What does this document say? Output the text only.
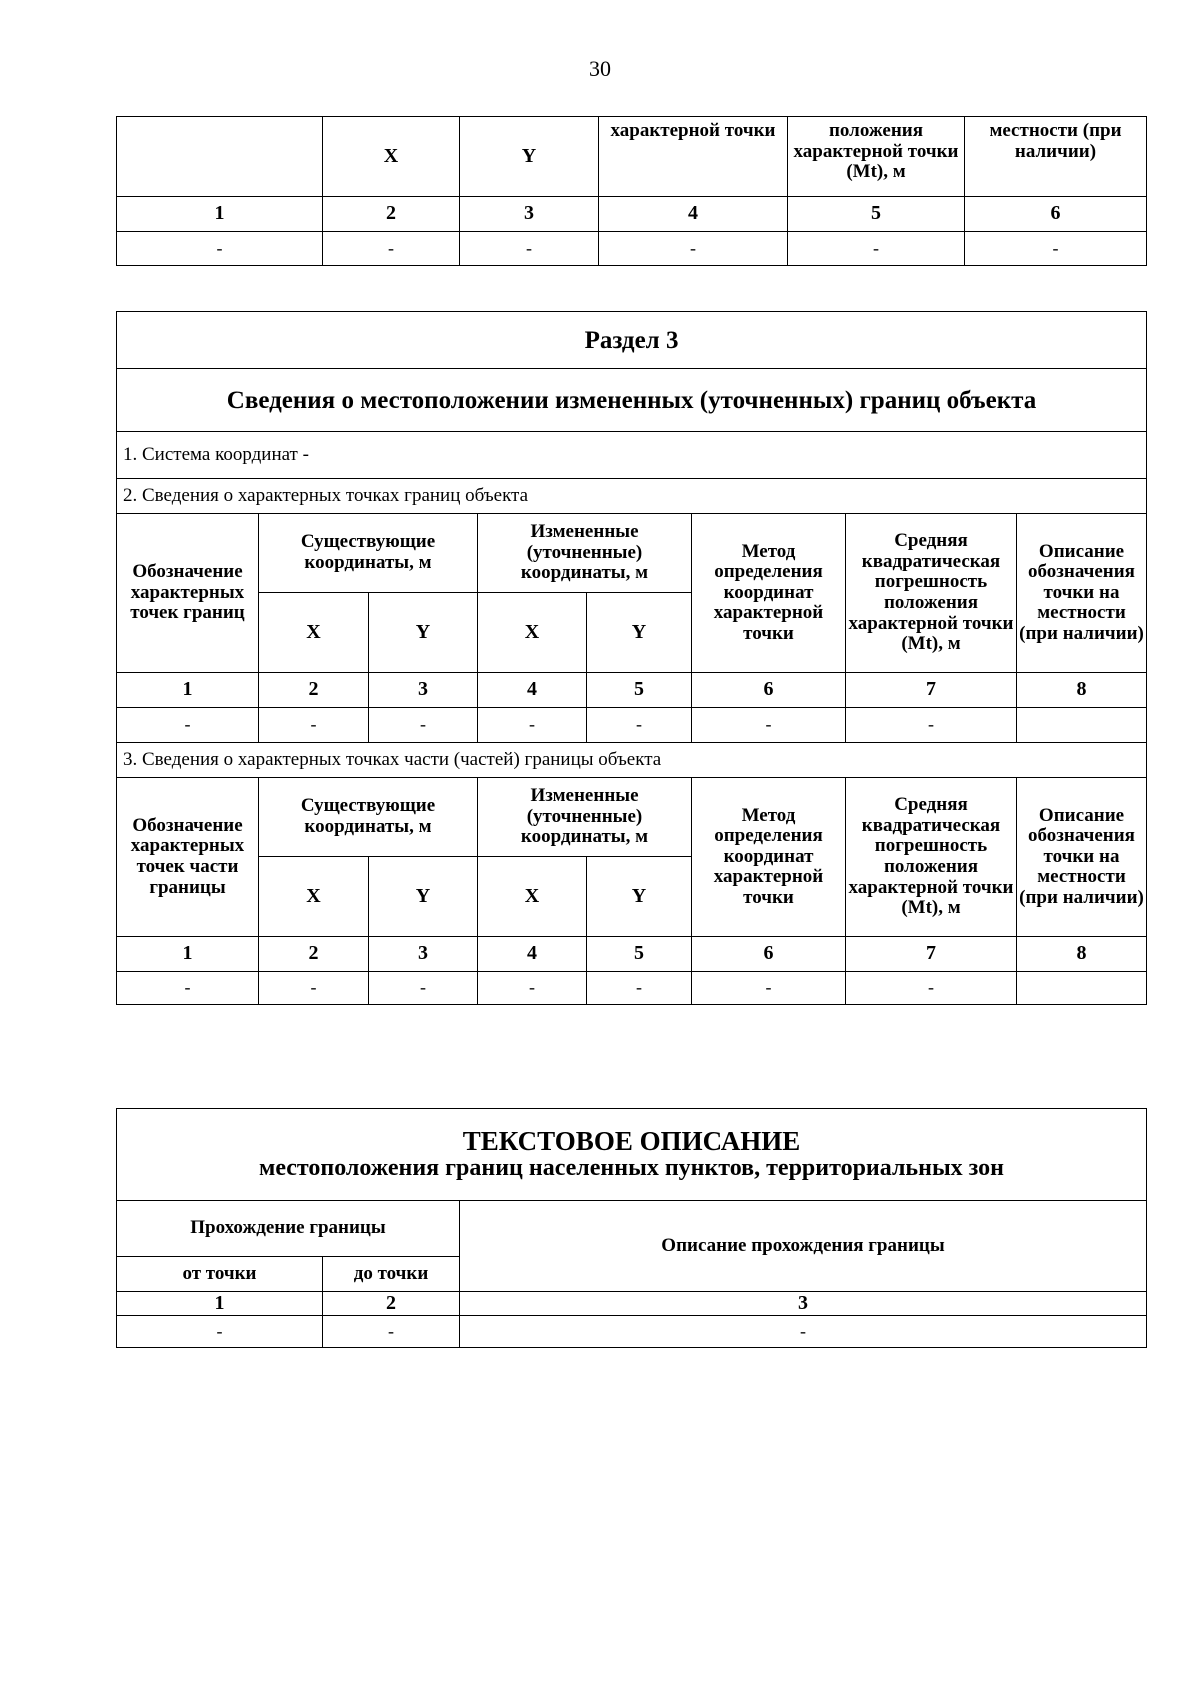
30
	X	Y	характерной точки	положения характерной точки (Mt), м	местности (при наличии)
1	2	3	4	5	6
-	-	-	-	-	-
Раздел 3							
Сведения о местоположении измененных (уточненных) границ объекта							
1. Система координат -							
2. Сведения о характерных точках границ объекта							
Обозначение характерных точек границ	Существующие координаты, м		Измененные (уточненные) координаты, м		Метод определения координат характерной точки	Средняя квадратическая погрешность положения характерной точки (Mt), м	Описание обозначения точки на местности (при наличии)
	X	Y	X	Y			
1	2	3	4	5	6	7	8
-	-	-	-	-	-	-	
3. Сведения о характерных точках части (частей) границы объекта							
Обозначение характерных точек части границы	Существующие координаты, м		Измененные (уточненные) координаты, м		Метод определения координат характерной точки	Средняя квадратическая погрешность положения характерной точки (Mt), м	Описание обозначения точки на местности (при наличии)
	X	Y	X	Y			
1	2	3	4	5	6	7	8
-	-	-	-	-	-	-	
ТЕКСТОВОЕ ОПИСАНИЕ
местоположения границ населенных пунктов, территориальных зон		

Прохождение границы		Описание прохождения границы
от точки	до точки	
1	2	3
-	-	-
